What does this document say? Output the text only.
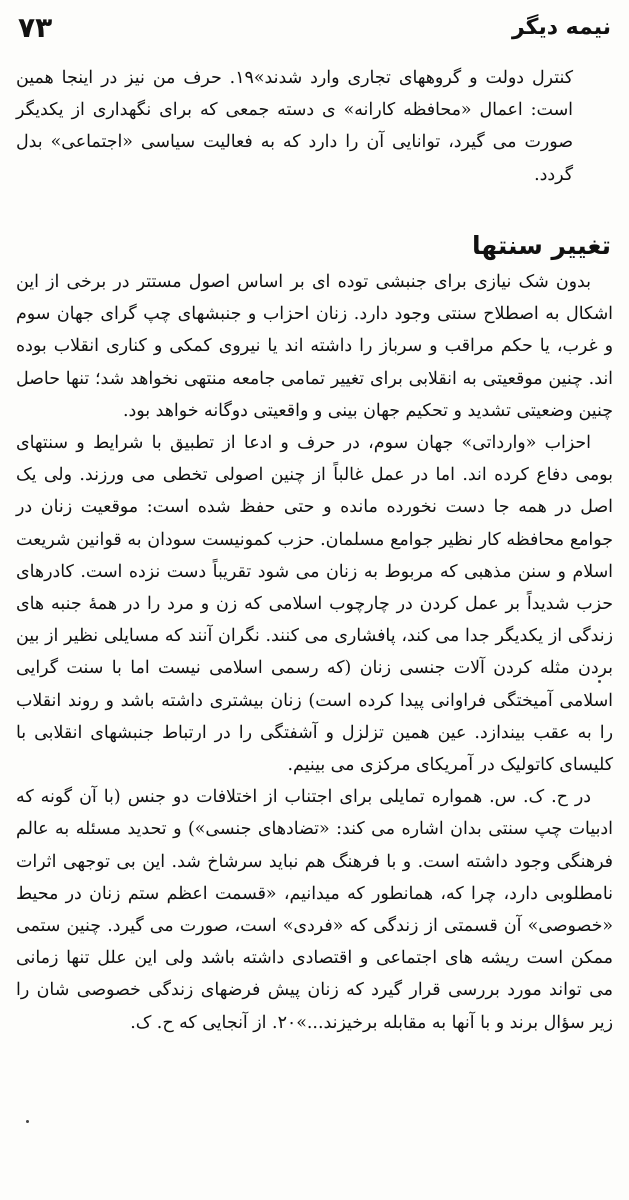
۷۳	نیمه دیگر

کنترل دولت و گروههای تجاری وارد شدند»۱۹. حرف من نیز در اینجا همین است: اعمال «محافظه کارانه» ی دسته جمعی که برای نگهداری از یکدیگر صورت می گیرد، توانایی آن را دارد که به فعالیت سیاسی «اجتماعی» بدل گردد.

تغییر سنتها

بدون شک نیازی برای جنبشی توده ای بر اساس اصول مستتر در برخی از این اشکال به اصطلاح سنتی وجود دارد. زنان احزاب و جنبشهای چپ گرای جهان سوم و غرب، یا حکم مراقب و سرباز را داشته اند یا نیروی کمکی و کناری انقلاب بوده اند. چنین موقعیتی به انقلابی برای تغییر تمامی جامعه منتهی نخواهد شد؛ تنها حاصل چنین وضعیتی تشدید و تحکیم جهان بینی و واقعیتی دوگانه خواهد بود.

احزاب «وارداتی» جهان سوم، در حرف و ادعا از تطبیق با شرایط و سنتهای بومی دفاع کرده اند. اما در عمل غالباً از چنین اصولی تخطی می ورزند. ولی یک اصل در همه جا دست نخورده مانده و حتی حفظ شده است: موقعیت زنان در جوامع محافظه کار نظیر جوامع مسلمان. حزب کمونیست سودان به قوانین شریعت اسلام و سنن مذهبی که مربوط به زنان می شود تقریباً دست نزده است. کادرهای حزب شدیداً بر عمل کردن در چارچوب اسلامی که زن و مرد را در همهٔ جنبه های زندگی از یکدیگر جدا می کند، پافشاری می کنند. نگران آنند که مسایلی نظیر از بین بردن مثله کردن آلات جنسی زنان (که رسمی اسلامی نیست اما با سنت گرایی اسلامی آمیختگی فراوانی پیدا کرده است) زنان بیشتری داشته باشد و روند انقلاب را به عقب بیندازد. عین همین تزلزل و آشفتگی را در ارتباط جنبشهای انقلابی با کلیسای کاتولیک در آمریکای مرکزی می بینیم.

در ح. ک. س. همواره تمایلی برای اجتناب از اختلافات دو جنس (با آن گونه که ادبیات چپ سنتی بدان اشاره می کند: «تضادهای جنسی») و تحدید مسئله به عالم فرهنگی وجود داشته است. و با فرهنگ هم نباید سرشاخ شد. این بی توجهی اثرات نامطلوبی دارد، چرا که، همانطور که میدانیم، «قسمت اعظم ستم زنان در محیط «خصوصی» آن قسمتی از زندگی که «فردی» است، صورت می گیرد. چنین ستمی ممکن است ریشه های اجتماعی و اقتصادی داشته باشد ولی این علل تنها زمانی می تواند مورد بررسی قرار گیرد که زنان پیش فرضهای زندگی خصوصی شان را زیر سؤال برند و با آنها به مقابله برخیزند...»۲۰. از آنجایی که ح. ک.
